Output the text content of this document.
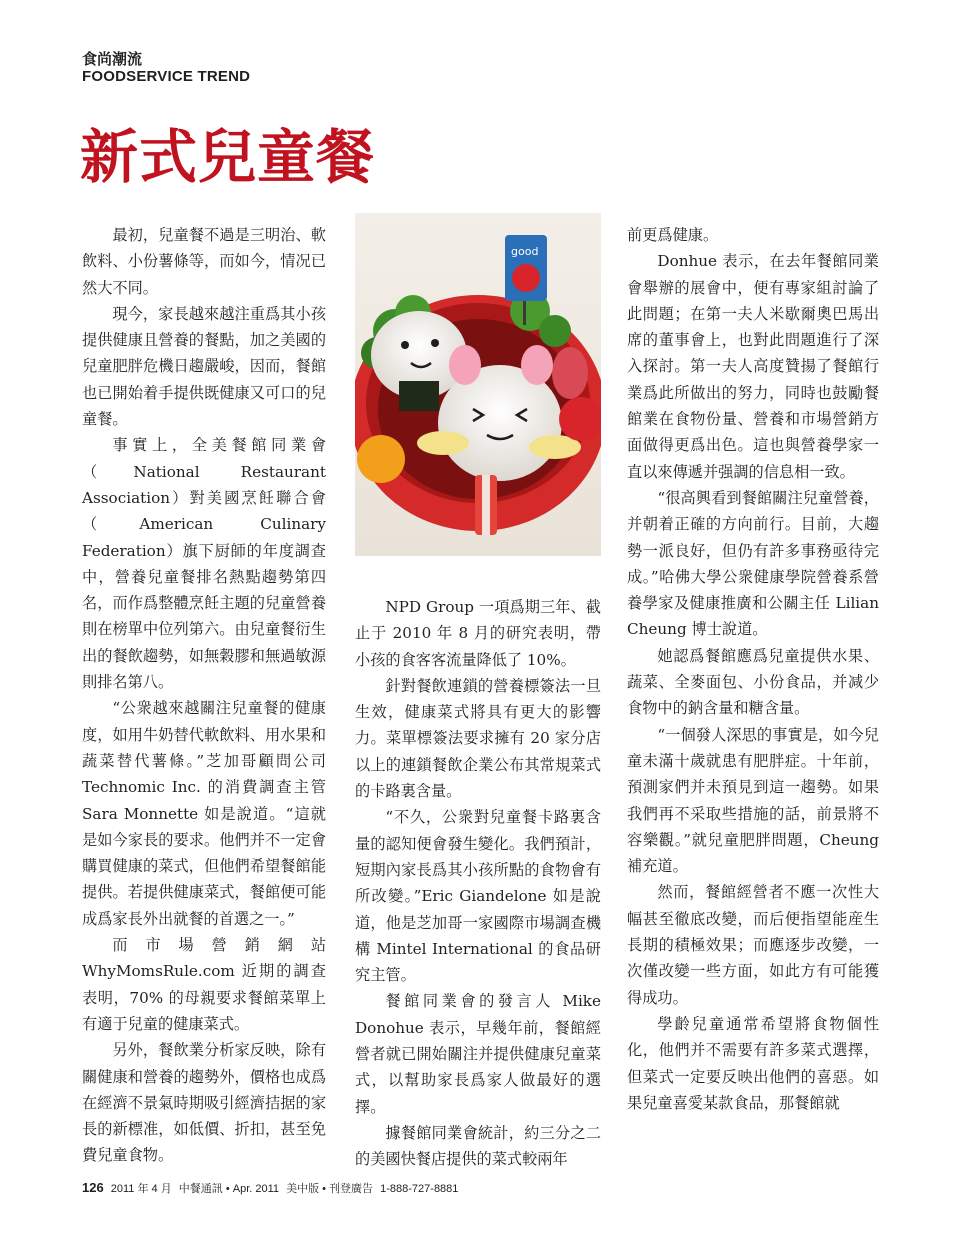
食尚潮流
FOODSERVICE TREND
新式兒童餐

最初，兒童餐不過是三明治、軟飲料、小份薯條等，而如今，情况已然大不同。

現今，家長越來越注重爲其小孩提供健康且營養的餐點，加之美國的兒童肥胖危機日趨嚴峻，因而，餐館也已開始着手提供既健康又可口的兒童餐。

事實上，全美餐館同業會（National Restaurant Association）對美國烹飪聯合會（American Culinary Federation）旗下厨師的年度調查中，營養兒童餐排名熱點趨勢第四名，而作爲整體烹飪主題的兒童營養則在榜單中位列第六。由兒童餐衍生出的餐飲趨勢，如無穀膠和無過敏源則排名第八。

“公衆越來越關注兒童餐的健康度，如用牛奶替代軟飲料、用水果和蔬菜替代薯條。”芝加哥顧問公司 Technomic Inc. 的消費調查主管 Sara Monnette 如是說道。“這就是如今家長的要求。他們并不一定會購買健康的菜式，但他們希望餐館能提供。若提供健康菜式，餐館便可能成爲家長外出就餐的首選之一。”

而市場營銷網站 WhyMomsRule.com 近期的調查表明，70% 的母親要求餐館菜單上有適于兒童的健康菜式。

另外，餐飲業分析家反映，除有關健康和營養的趨勢外，價格也成爲在經濟不景氣時期吸引經濟拮据的家長的新標准，如低價、折扣，甚至免費兒童食物。

good

NPD Group 一項爲期三年、截止于 2010 年 8 月的研究表明，帶小孩的食客客流量降低了 10%。

針對餐飲連鎖的營養標簽法一旦生效，健康菜式將具有更大的影響力。菜單標簽法要求擁有 20 家分店以上的連鎖餐飲企業公布其常規菜式的卡路裏含量。

“不久，公衆對兒童餐卡路裏含量的認知便會發生變化。我們預計，短期內家長爲其小孩所點的食物會有所改變。”Eric Giandelone 如是說道，他是芝加哥一家國際市場調查機構 Mintel International 的食品研究主管。

餐館同業會的發言人 Mike Donohue 表示，早幾年前，餐館經營者就已開始關注并提供健康兒童菜式，以幫助家長爲家人做最好的選擇。

據餐館同業會統計，約三分之二的美國快餐店提供的菜式較兩年

前更爲健康。

Donhue 表示，在去年餐館同業會舉辦的展會中，便有專家組討論了此問題；在第一夫人米歇爾奧巴馬出席的董事會上，也對此問題進行了深入探討。第一夫人高度贊揚了餐館行業爲此所做出的努力，同時也鼓勵餐館業在食物份量、營養和市場營銷方面做得更爲出色。這也與營養學家一直以來傳遞并强調的信息相一致。

“很高興看到餐館關注兒童營養，并朝着正確的方向前行。目前，大趨勢一派良好，但仍有許多事務亟待完成。”哈佛大學公衆健康學院營養系營養學家及健康推廣和公關主任 Lilian Cheung 博士說道。

她認爲餐館應爲兒童提供水果、蔬菜、全麥面包、小份食品，并减少食物中的鈉含量和糖含量。

“一個發人深思的事實是，如今兒童未滿十歲就患有肥胖症。十年前，預測家們并未預見到這一趨勢。如果我們再不采取些措施的話，前景將不容樂觀。”就兒童肥胖問題，Cheung 補充道。

然而，餐館經營者不應一次性大幅甚至徹底改變，而后便指望能産生長期的積極效果；而應逐步改變，一次僅改變一些方面，如此方有可能獲得成功。

學齡兒童通常希望將食物個性化，他們并不需要有許多菜式選擇，但菜式一定要反映出他們的喜惡。如果兒童喜愛某款食品，那餐館就

126 2011 年 4 月 中餐通訊 • Apr. 2011 美中版 • 刊登廣告 1-888-727-8881
